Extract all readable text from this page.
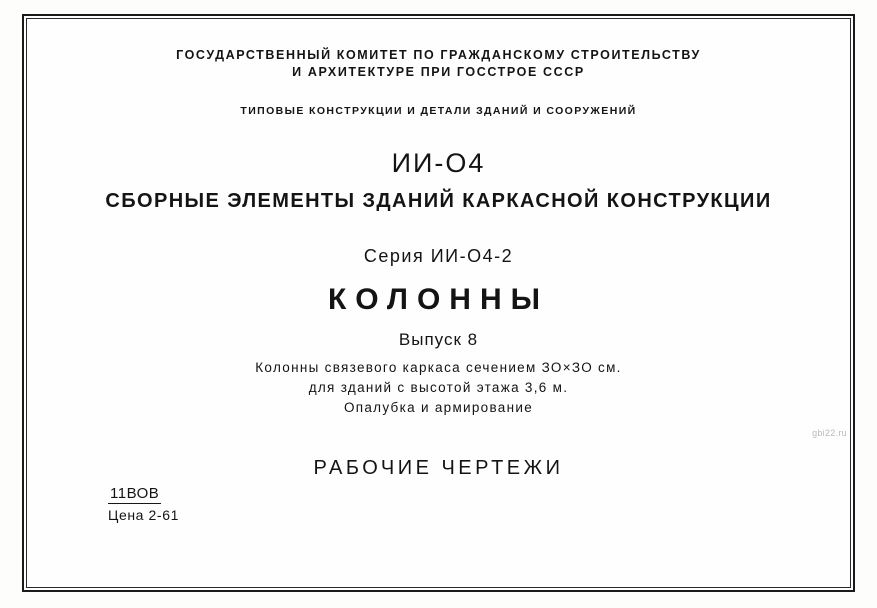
ГОСУДАРСТВЕННЫЙ КОМИТЕТ ПО ГРАЖДАНСКОМУ СТРОИТЕЛЬСТВУ
И АРХИТЕКТУРЕ ПРИ ГОССТРОЕ СССР
ТИПОВЫЕ КОНСТРУКЦИИ И ДЕТАЛИ ЗДАНИЙ И СООРУЖЕНИЙ
ИИ-О4
СБОРНЫЕ ЭЛЕМЕНТЫ ЗДАНИЙ КАРКАСНОЙ КОНСТРУКЦИИ
Серия ИИ-О4-2
КОЛОННЫ
Выпуск 8
Колонны связевого каркаса сечением ЗО×ЗО см.
для зданий с высотой этажа 3,6 м.
Опалубка и армирование
РАБОЧИЕ ЧЕРТЕЖИ
gbi22.ru
11ВОВ
Цена 2-61
